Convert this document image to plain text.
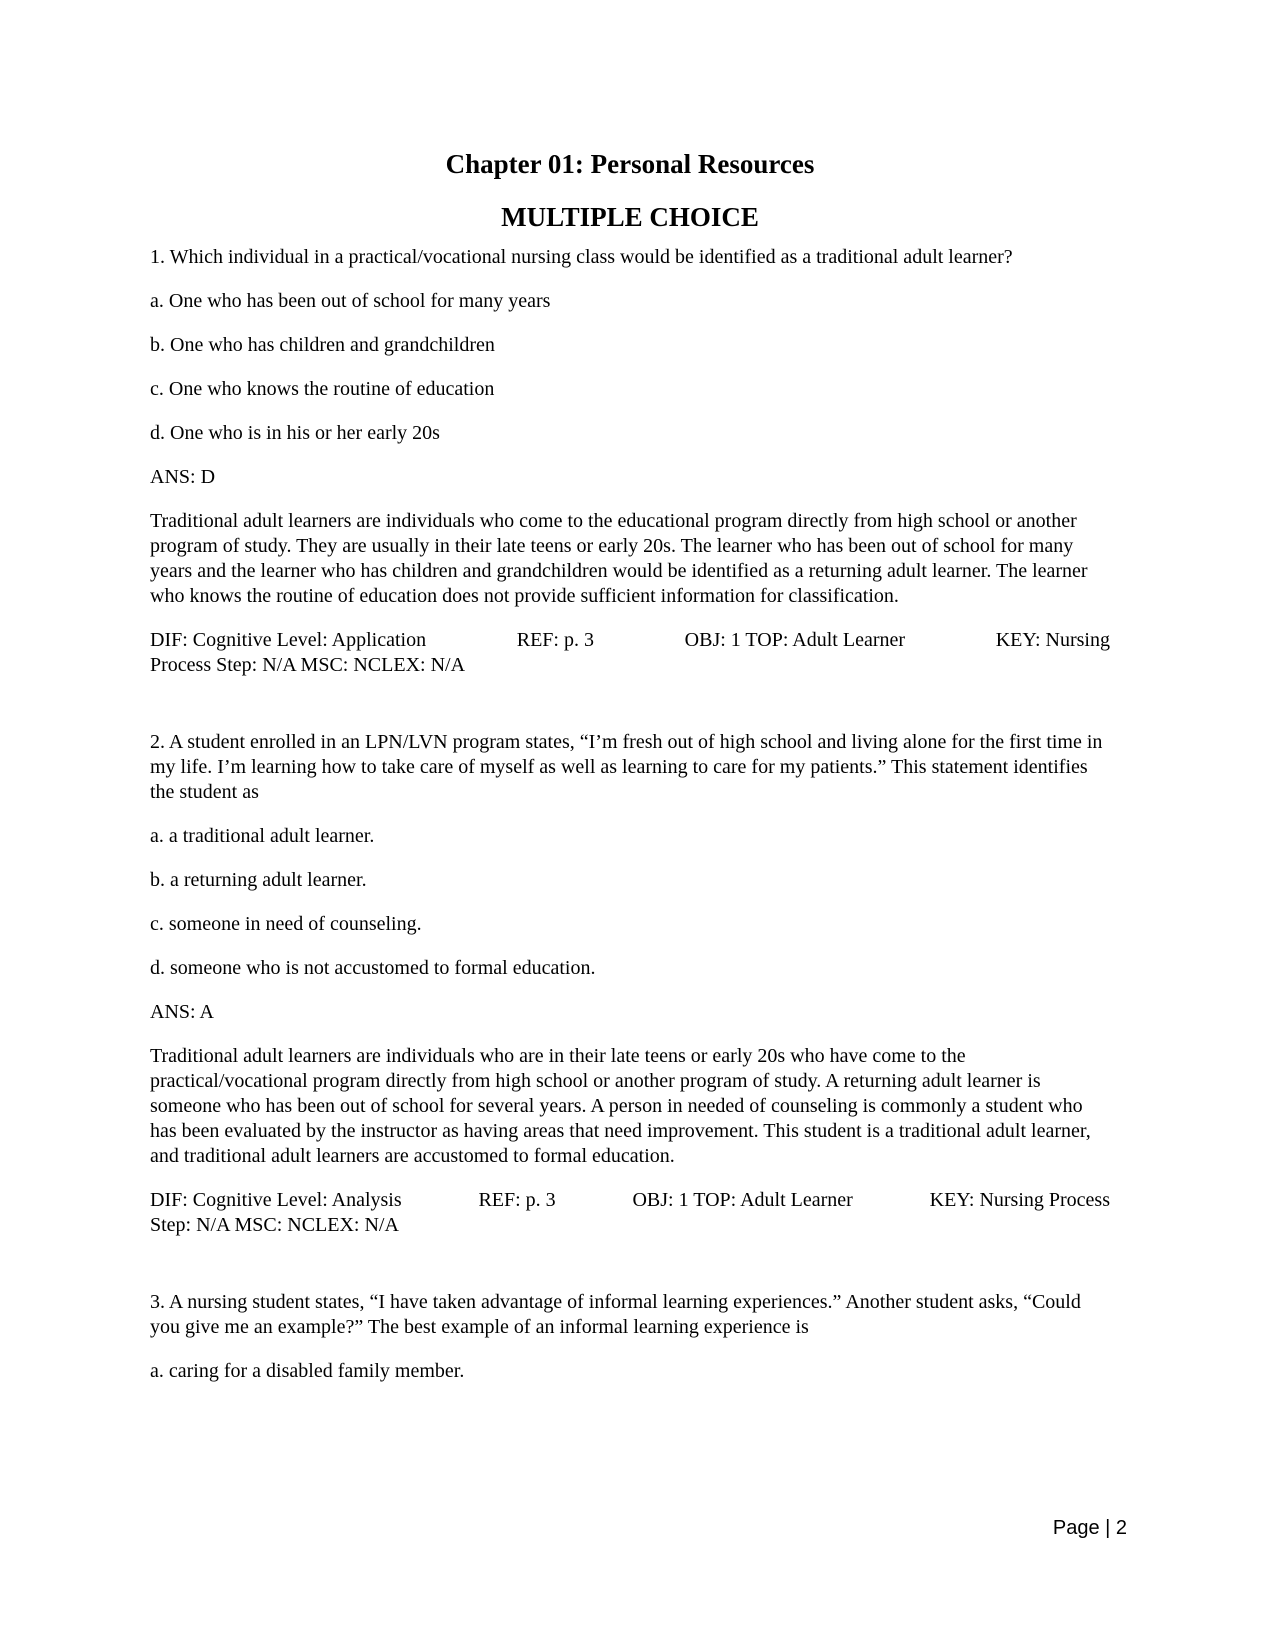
Chapter 01: Personal Resources
MULTIPLE CHOICE

1. Which individual in a practical/vocational nursing class would be identified as a traditional adult learner?

a. One who has been out of school for many years

b. One who has children and grandchildren

c. One who knows the routine of education

d. One who is in his or her early 20s

ANS: D

Traditional adult learners are individuals who come to the educational program directly from high school or another program of study. They are usually in their late teens or early 20s. The learner who has been out of school for many years and the learner who has children and grandchildren would be identified as a returning adult learner. The learner who knows the routine of education does not provide sufficient information for classification.

DIF: Cognitive Level: Application	REF: p. 3	OBJ: 1 TOP: Adult Learner	KEY: Nursing
Process Step: N/A MSC: NCLEX: N/A

2. A student enrolled in an LPN/LVN program states, “I’m fresh out of high school and living alone for the first time in my life. I’m learning how to take care of myself as well as learning to care for my patients.” This statement identifies the student as

a. a traditional adult learner.

b. a returning adult learner.

c. someone in need of counseling.

d. someone who is not accustomed to formal education.

ANS: A

Traditional adult learners are individuals who are in their late teens or early 20s who have come to the practical/vocational program directly from high school or another program of study. A returning adult learner is someone who has been out of school for several years. A person in needed of counseling is commonly a student who has been evaluated by the instructor as having areas that need improvement. This student is a traditional adult learner, and traditional adult learners are accustomed to formal education.

DIF: Cognitive Level: Analysis	REF: p. 3	OBJ: 1 TOP: Adult Learner	KEY: Nursing Process
Step: N/A MSC: NCLEX: N/A

3. A nursing student states, “I have taken advantage of informal learning experiences.” Another student asks, “Could you give me an example?” The best example of an informal learning experience is

a. caring for a disabled family member.

Page | 2
